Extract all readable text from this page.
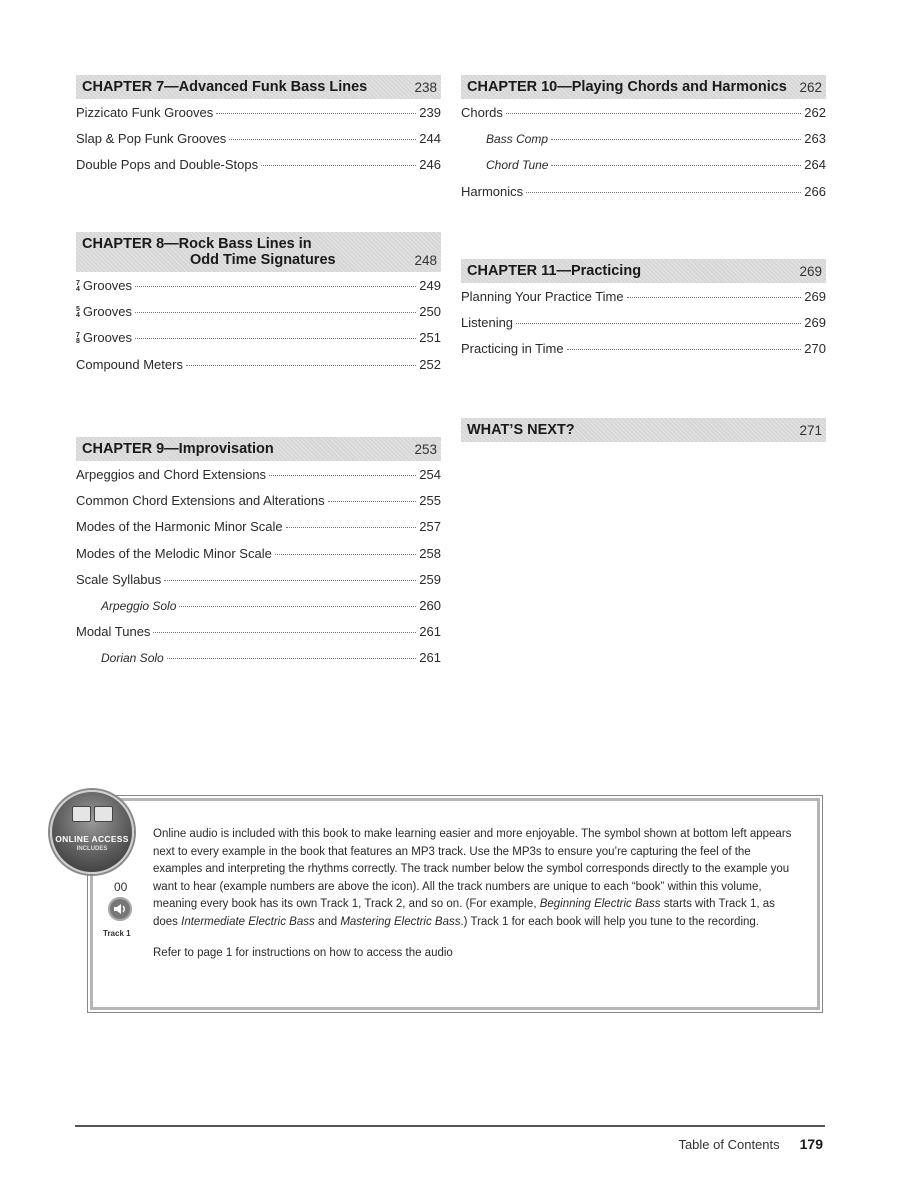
CHAPTER 7—Advanced Funk Bass Lines	238
Pizzicato Funk Grooves	239
Slap & Pop Funk Grooves	244
Double Pops and Double-Stops	246
CHAPTER 8—Rock Bass Lines in
Odd Time Signatures	248
7
4 Grooves	249
5
4 Grooves	250
7
8 Grooves	251
Compound Meters	252
CHAPTER 9—Improvisation	253
Arpeggios and Chord Extensions	254
Common Chord Extensions and Alterations	255
Modes of the Harmonic Minor Scale	257
Modes of the Melodic Minor Scale	258
Scale Syllabus	259
Arpeggio Solo	260
Modal Tunes	261
Dorian Solo	261
CHAPTER 10—Playing Chords and Harmonics 262
Chords	262
Bass Comp	263
Chord Tune	264
Harmonics	266
CHAPTER 11—Practicing	269
Planning Your Practice Time	269
Listening	269
Practicing in Time	270
WHAT’S NEXT?	271

Online audio is included with this book to make learning easier and more enjoyable. The symbol shown at bottom left appears next to every example in the book that features an MP3 track. Use the MP3s to ensure you’re capturing the feel of the examples and interpreting the rhythms correctly. The track number below the symbol corresponds directly to the example you want to hear (example numbers are above the icon). All the track numbers are unique to each “book” within this volume, meaning every book has its own Track 1, Track 2, and so on. (For example, Beginning Electric Bass starts with Track 1, as does Intermediate Electric Bass and Mastering Electric Bass.) Track 1 for each book will help you tune to the recording.

Refer to page 1 for instructions on how to access the audio

ONLINE ACCESS
INCLUDES
00
Track 1
Table of Contents 179
